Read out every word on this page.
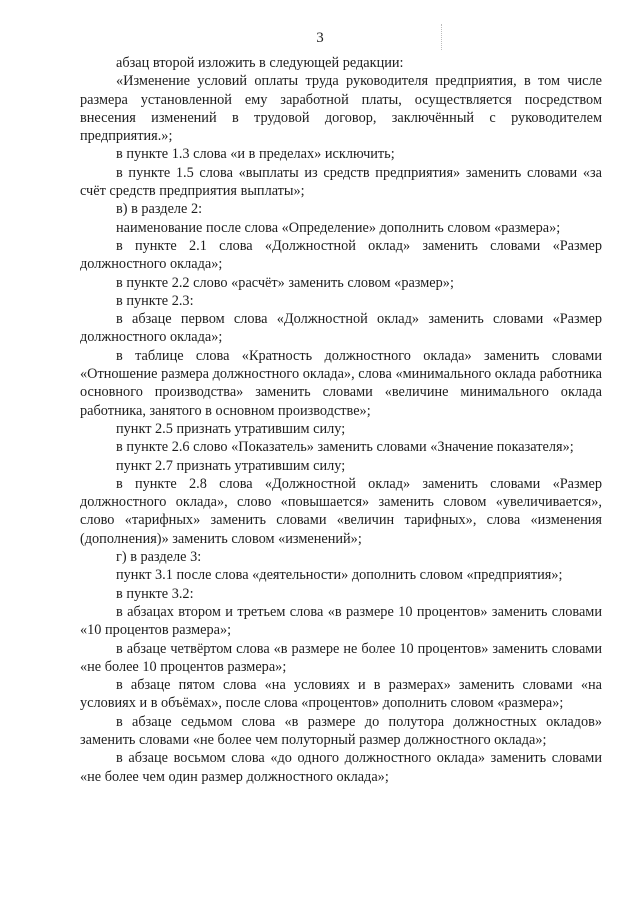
3

абзац второй изложить в следующей редакции:

«Изменение условий оплаты труда руководителя предприятия, в том числе размера установленной ему заработной платы, осуществляется посредством внесения изменений в трудовой договор, заключённый с руководителем предприятия.»;

в пункте 1.3 слова «и в пределах» исключить;

в пункте 1.5 слова «выплаты из средств предприятия» заменить словами «за счёт средств предприятия выплаты»;

в) в разделе 2:

наименование после слова «Определение» дополнить словом «размера»;

в пункте 2.1 слова «Должностной оклад» заменить словами «Размер должностного оклада»;

в пункте 2.2 слово «расчёт» заменить словом «размер»;

в пункте 2.3:

в абзаце первом слова «Должностной оклад» заменить словами «Размер должностного оклада»;

в таблице слова «Кратность должностного оклада» заменить словами «Отношение размера должностного оклада», слова «минимального оклада работника основного производства» заменить словами «величине минимального оклада работника, занятого в основном производстве»;

пункт 2.5 признать утратившим силу;

в пункте 2.6 слово «Показатель» заменить словами «Значение показателя»;

пункт 2.7 признать утратившим силу;

в пункте 2.8 слова «Должностной оклад» заменить словами «Размер должностного оклада», слово «повышается» заменить словом «увеличивается», слово «тарифных» заменить словами «величин тарифных», слова «изменения (дополнения)» заменить словом «изменений»;

г) в разделе 3:

пункт 3.1 после слова «деятельности» дополнить словом «предприятия»;

в пункте 3.2:

в абзацах втором и третьем слова «в размере 10 процентов» заменить словами «10 процентов размера»;

в абзаце четвёртом слова «в размере не более 10 процентов» заменить словами «не более 10 процентов размера»;

в абзаце пятом слова «на условиях и в размерах» заменить словами «на условиях и в объёмах», после слова «процентов» дополнить словом «размера»;

в абзаце седьмом слова «в размере до полутора должностных окладов» заменить словами «не более чем полуторный размер должностного оклада»;

в абзаце восьмом слова «до одного должностного оклада» заменить словами «не более чем один размер должностного оклада»;
